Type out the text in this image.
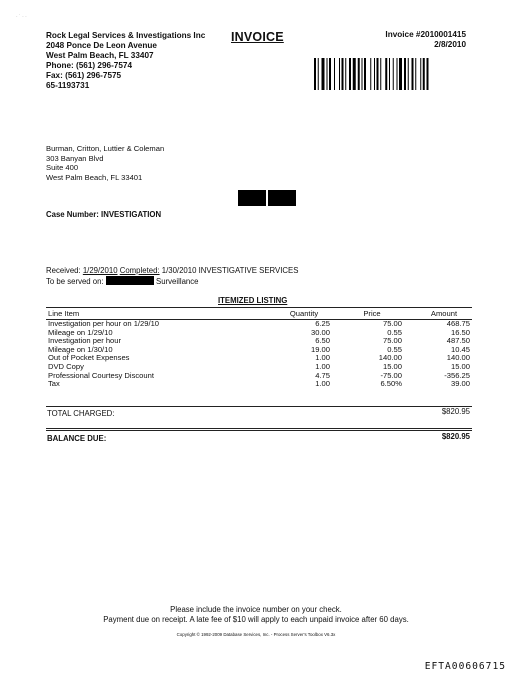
· ˙ · ·
Rock Legal Services & Investigations Inc
2048 Ponce De Leon Avenue
West Palm Beach, FL 33407
Phone: (561) 296-7574
Fax: (561) 296-7575
65-1193731
INVOICE	Invoice #2010001415
2/8/2010
Burman, Critton, Luttier & Coleman
303 Banyan Blvd
Suite 400
West Palm Beach, FL 33401
Case Number: INVESTIGATION
Received: 1/29/2010 Completed: 1/30/2010 INVESTIGATIVE SERVICES
To be served on:	Surveillance
ITEMIZED LISTING
Line Item	Quantity	Price	Amount
Investigation per hour on 1/29/10	6.25	75.00	468.75
Mileage on 1/29/10	30.00	0.55	16.50
Investigation per hour	6.50	75.00	487.50
Mileage on 1/30/10	19.00	0.55	10.45
Out of Pocket Expenses	1.00	140.00	140.00
DVD Copy	1.00	15.00	15.00
Professional Courtesy Discount	4.75	-75.00	-356.25
Tax	1.00	6.50%	39.00
TOTAL CHARGED:	$820.95
BALANCE DUE:	$820.95
Please include the invoice number on your check.
Payment due on receipt. A late fee of $10 will apply to each unpaid invoice after 60 days.
Copyright © 1992-2009 Database Services, Inc. - Process Server's Toolbox V6.3x
EFTA00606715
